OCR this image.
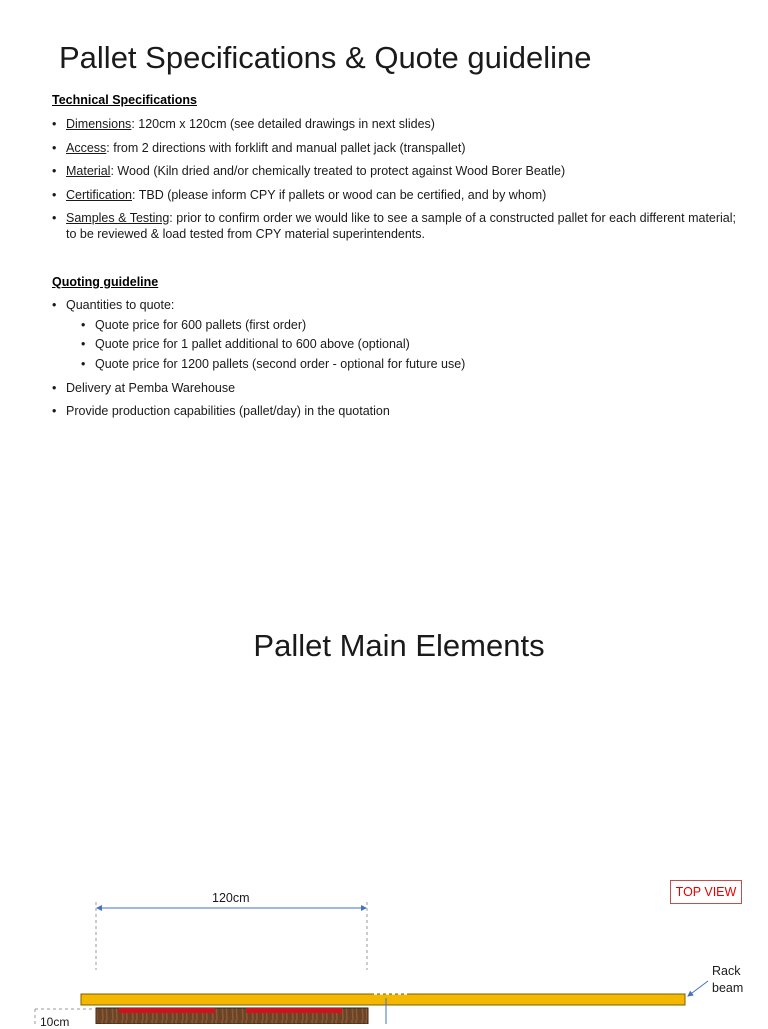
Pallet Specifications & Quote guideline
Technical Specifications
• Dimensions: 120cm x 120cm (see detailed drawings in next slides)
• Access: from 2 directions with forklift and manual pallet jack (transpallet)
• Material: Wood (Kiln dried and/or chemically treated to protect against Wood Borer Beatle)
• Certification: TBD (please inform CPY if pallets or wood can be certified, and by whom)
• Samples & Testing: prior to confirm order we would like to see a sample of a constructed pallet for each different material; to be reviewed & load tested from CPY material superintendents.
Quoting guideline
• Quantities to quote:
• Quote price for 600 pallets (first order)
• Quote price for 1 pallet additional to 600 above (optional)
• Quote price for 1200 pallets (second order - optional for future use)
• Delivery at Pemba Warehouse
• Provide production capabilities (pallet/day) in the quotation
Pallet Main Elements
TOP VIEW
120cm
Rack
beam
10cm
